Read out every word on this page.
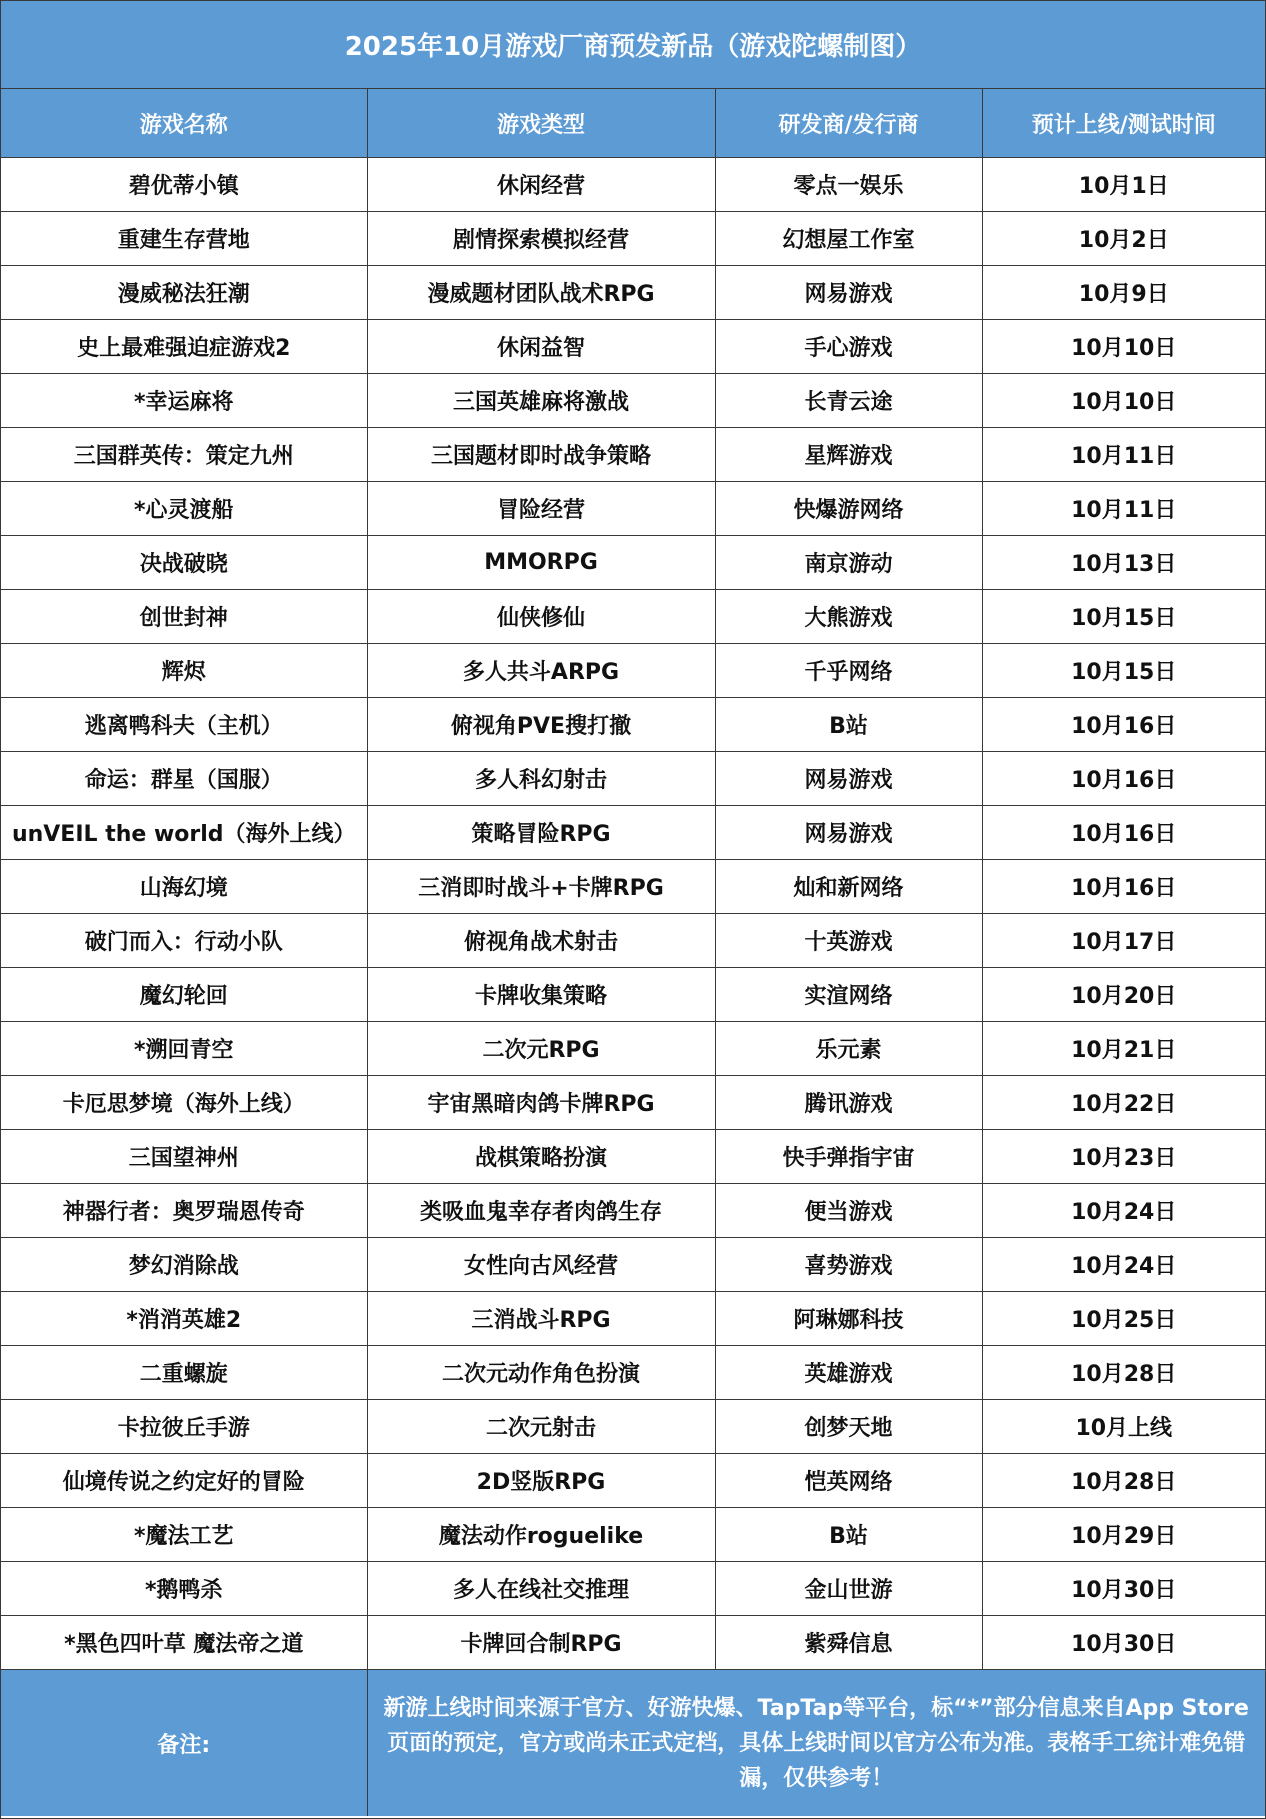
2025年10月游戏厂商预发新品（游戏陀螺制图）
游戏名称	游戏类型	研发商/发行商	预计上线/测试时间
碧优蒂小镇	休闲经营	零点一娱乐	10月1日
重建生存营地	剧情探索模拟经营	幻想屋工作室	10月2日
漫威秘法狂潮	漫威题材团队战术RPG	网易游戏	10月9日
史上最难强迫症游戏2	休闲益智	手心游戏	10月10日
*幸运麻将	三国英雄麻将激战	长青云途	10月10日
三国群英传：策定九州	三国题材即时战争策略	星辉游戏	10月11日
*心灵渡船	冒险经营	快爆游网络	10月11日
决战破晓	MMORPG	南京游动	10月13日
创世封神	仙侠修仙	大熊游戏	10月15日
辉烬	多人共斗ARPG	千乎网络	10月15日
逃离鸭科夫（主机）	俯视角PVE搜打撤	B站	10月16日
命运：群星（国服）	多人科幻射击	网易游戏	10月16日
unVEIL the world（海外上线）	策略冒险RPG	网易游戏	10月16日
山海幻境	三消即时战斗+卡牌RPG	灿和新网络	10月16日
破门而入：行动小队	俯视角战术射击	十英游戏	10月17日
魔幻轮回	卡牌收集策略	实渲网络	10月20日
*溯回青空	二次元RPG	乐元素	10月21日
卡厄思梦境（海外上线）	宇宙黑暗肉鸽卡牌RPG	腾讯游戏	10月22日
三国望神州	战棋策略扮演	快手弹指宇宙	10月23日
神器行者：奥罗瑞恩传奇	类吸血鬼幸存者肉鸽生存	便当游戏	10月24日
梦幻消除战	女性向古风经营	喜势游戏	10月24日
*消消英雄2	三消战斗RPG	阿琳娜科技	10月25日
二重螺旋	二次元动作角色扮演	英雄游戏	10月28日
卡拉彼丘手游	二次元射击	创梦天地	10月上线
仙境传说之约定好的冒险	2D竖版RPG	恺英网络	10月28日
*魔法工艺	魔法动作roguelike	B站	10月29日
*鹅鸭杀	多人在线社交推理	金山世游	10月30日
*黑色四叶草 魔法帝之道	卡牌回合制RPG	紫舜信息	10月30日
备注:	新游上线时间来源于官方、好游快爆、TapTap等平台，标“*”部分信息来自App Store页面的预定，官方或尚未正式定档，具体上线时间以官方公布为准。表格手工统计难免错漏，仅供参考！		
